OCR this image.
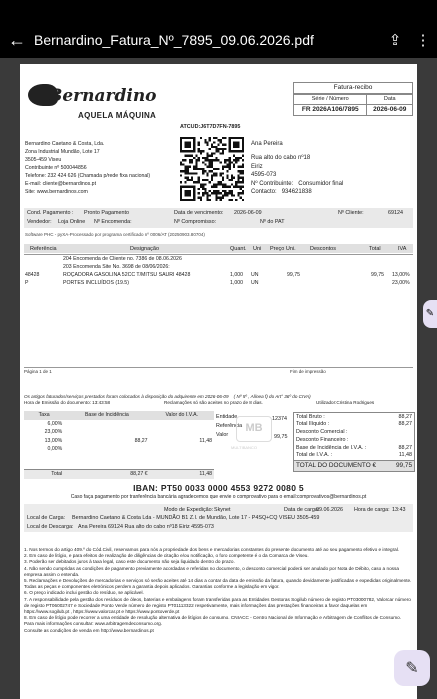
← Bernardino_Fatura_Nº_7895_09.06.2026.pdf	⇪ ⋮
Bernardino
AQUELA MÁQUINA
Fatura-recibo
Série / Número	Data
FR 2026A106/7895	2026-06-09
ATCUD:J6T7D7FN-7895
Bernardino Caetano & Costa, Lda.
Zona Industrial Mundão, Lote 17
3505-459 Viseu
Contribuinte nº 500044856
Telefone: 232 424 626 (Chamada p/rede fixa nacional)
E-mail: cliente@bernardinos.pt
Site: www.bernardinos.com
Ana Pereira
Rua alto do cabo nº18
Eiriz
4595-073
Nº Contribuinte: Consumidor final
Contacto: 934621838
Cond. Pagamento : Pronto Pagamento	Data de vencimento: 2026-06-09	Nº Cliente:	69124
Vendedor: Loja Online Nº Encomenda:	Nº Compromisso:	Nº do PAT
Software PHC - pyXA-Processado por programa certificado nº 0006/AT (20250903.80704)
Referência	Designação	Quant. Uni Preço Uni.	Descontos	Total	IVA
204 Encomenda de Cliente no. 7386 de 08.06.2026
203 Encomenda Site No. 3698 de 08/06/2026:
48428	ROÇADORA GASOLINA 52CC T/MITSU SAURI 48428	1,000 UN	99,75	99,75 13,00%
P	PORTES INCLUÍDOS (19.5)	1,000 UN	23,00%
Página 1 de 1	Fim de impressão
Os artigos faturados/serviços prestados foram colocados à disposição do adquirente em 2026-06-09 ( Nº 5º , Alínea f) do Art° 36º do CIVA)
Hora de Emissão do documento: 13:43:58	Reclamações só são aceites no prazo de 8 dias.	Utilizador:Cristina Rodrigues
Taxa	Base de Incidência	Valor do I.V.A.
6,00%		
23,00%		
13,00%	88,27	11,48
0,00%		

Total	88,27 €	11,48
Entidade	12374
Referência
Valor	99,75
MB
MULTIBANCO
Total Bruto :	88,27
Total Ilíquido :	88,27
Desconto Comercial :
Desconto Financeiro :
Base de Incidência de I.V.A. :	88,27
Total de I.V.A. :	11,48
TOTAL DO DOCUMENTO €	99,75
IBAN: PT50 0033 0000 4553 9272 0080 5
Caso faça pagamento por tranferência bancária agradecemos que envie o comprovativo para o email:comprovativos@bernardinos.pt
Modo de Expedição: Skynet
Local de Carga: Bernardino Caetano & Costa Lda - MUNDÃO B1 Z.I. de Mundão, Lote 17 - P4SQ+CQ VISEU 3505-459
Data de carga:
09.06.2026 Hora de carga: 13:43
Local de Descarga: Ana Pereira 69124 Rua alto do cabo nº18 Eiriz 4595-073
1. Nos termos do artigo 409.º do Cód.Civil, reservamos para nós a propriedade dos bens e mercadorias constantes do presente documento até ao seu pagamento efetivo e integral.
2. Em caso de litígio, e para efeitos de realização de diligências de citação e/ou notificação, o foro competente é o da Comarca de Viseu.
3. Poderão ser debitados juros à taxa legal, caso este documento não seja liquidado dentro do prazo.
4. Não sendo cumpridas as condições de pagamento previamente acordadas e referidas no documento, o desconto comercial poderá ser anulado por Nota de Débito, caso a nossa empresa assim o entenda.
5. Reclamações e Devoluções de mercadorias e serviços só serão aceites até 14 dias a contar da data de emissão da fatura, quando devidamente justificadas e expedidas originalmente. Todas as peças e componentes eletrónicos perdem a garantia depois aplicados. Garantias conforme a legislação em vigor.
6. O preço indicado inclui gestão do resíduo, se aplicável.
7. A responsabilidade pela gestão dos resíduos de óleos, baterias e embalagens foram transferidas para as Entidades Gestoras Sogilub número de registo PT03000782, Valorcar número de registo PT06002747 e Sociedade Ponto Verde número de registo PT01113322 respetivamente, mais informações das prestações financeiras a favor daquelas em https://www.sogilub.pt , https://www.valorcar.pt e https://www.pontoverde.pt
8. Em caso de litígio pode recorrer a uma entidade de resolução alternativa de litígios de consumo. CNIACC - Centro Nacional de Informação e Arbitragem de Conflitos de Consumo.
Para mais informações consultar: www.arbitragemdeconsumo.org.
Consulte as condições de venda em http://www.bernardinos.pt
✎
✎
